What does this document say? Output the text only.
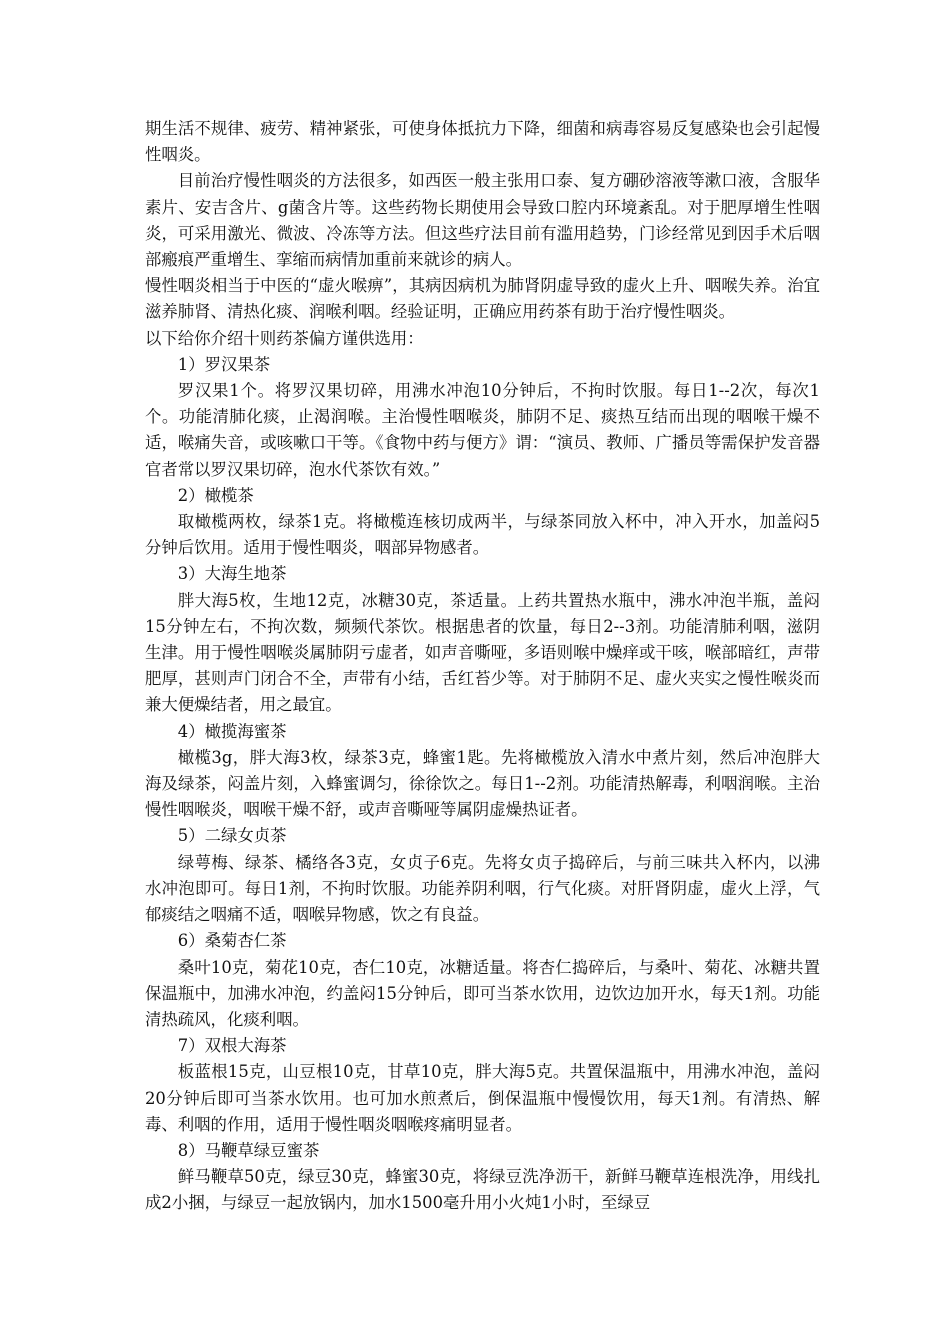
期生活不规律、疲劳、精神紧张，可使身体抵抗力下降，细菌和病毒容易反复感染也会引起慢性咽炎。

目前治疗慢性咽炎的方法很多，如西医一般主张用口泰、复方硼砂溶液等漱口液，含服华素片、安吉含片、g菌含片等。这些药物长期使用会导致口腔内环境紊乱。对于肥厚增生性咽炎，可采用激光、微波、冷冻等方法。但这些疗法目前有滥用趋势，门诊经常见到因手术后咽部瘢痕严重增生、挛缩而病情加重前来就诊的病人。

慢性咽炎相当于中医的“虚火喉痹”，其病因病机为肺肾阴虚导致的虚火上升、咽喉失养。治宜滋养肺肾、清热化痰、润喉利咽。经验证明，正确应用药茶有助于治疗慢性咽炎。

以下给你介绍十则药茶偏方谨供选用：

1）罗汉果茶

罗汉果1个。将罗汉果切碎，用沸水冲泡10分钟后，不拘时饮服。每日1--2次，每次1个。功能清肺化痰，止渴润喉。主治慢性咽喉炎，肺阴不足、痰热互结而出现的咽喉干燥不适，喉痛失音，或咳嗽口干等。《食物中药与便方》谓：“演员、教师、广播员等需保护发音器官者常以罗汉果切碎，泡水代茶饮有效。”

2）橄榄茶

取橄榄两枚，绿茶1克。将橄榄连核切成两半，与绿茶同放入杯中，冲入开水，加盖闷5分钟后饮用。适用于慢性咽炎，咽部异物感者。

3）大海生地茶

胖大海5枚，生地12克，冰糖30克，茶适量。上药共置热水瓶中，沸水冲泡半瓶，盖闷15分钟左右，不拘次数，频频代茶饮。根据患者的饮量，每日2--3剂。功能清肺利咽，滋阴生津。用于慢性咽喉炎属肺阴亏虚者，如声音嘶哑，多语则喉中燥痒或干咳，喉部暗红，声带肥厚，甚则声门闭合不全，声带有小结，舌红苔少等。对于肺阴不足、虚火夹实之慢性喉炎而兼大便燥结者，用之最宜。

4）橄揽海蜜茶

橄榄3g，胖大海3枚，绿茶3克，蜂蜜1匙。先将橄榄放入清水中煮片刻，然后冲泡胖大海及绿茶，闷盖片刻，入蜂蜜调匀，徐徐饮之。每日1--2剂。功能清热解毒，利咽润喉。主治慢性咽喉炎，咽喉干燥不舒，或声音嘶哑等属阴虚燥热证者。

5）二绿女贞茶

绿萼梅、绿茶、橘络各3克，女贞子6克。先将女贞子捣碎后，与前三味共入杯内，以沸水冲泡即可。每日1剂，不拘时饮服。功能养阴利咽，行气化痰。对肝肾阴虚，虚火上浮，气郁痰结之咽痛不适，咽喉异物感，饮之有良益。

6）桑菊杏仁茶

桑叶10克，菊花10克，杏仁10克，冰糖适量。将杏仁捣碎后，与桑叶、菊花、冰糖共置保温瓶中，加沸水冲泡，约盖闷15分钟后，即可当茶水饮用，边饮边加开水，每天1剂。功能清热疏风，化痰利咽。

7）双根大海茶

板蓝根15克，山豆根10克，甘草10克，胖大海5克。共置保温瓶中，用沸水冲泡，盖闷20分钟后即可当茶水饮用。也可加水煎煮后，倒保温瓶中慢慢饮用，每天1剂。有清热、解毒、利咽的作用，适用于慢性咽炎咽喉疼痛明显者。

8）马鞭草绿豆蜜茶

鲜马鞭草50克，绿豆30克，蜂蜜30克，将绿豆洗净沥干，新鲜马鞭草连根洗净，用线扎成2小捆，与绿豆一起放锅内，加水1500毫升用小火炖1小时，至绿豆
